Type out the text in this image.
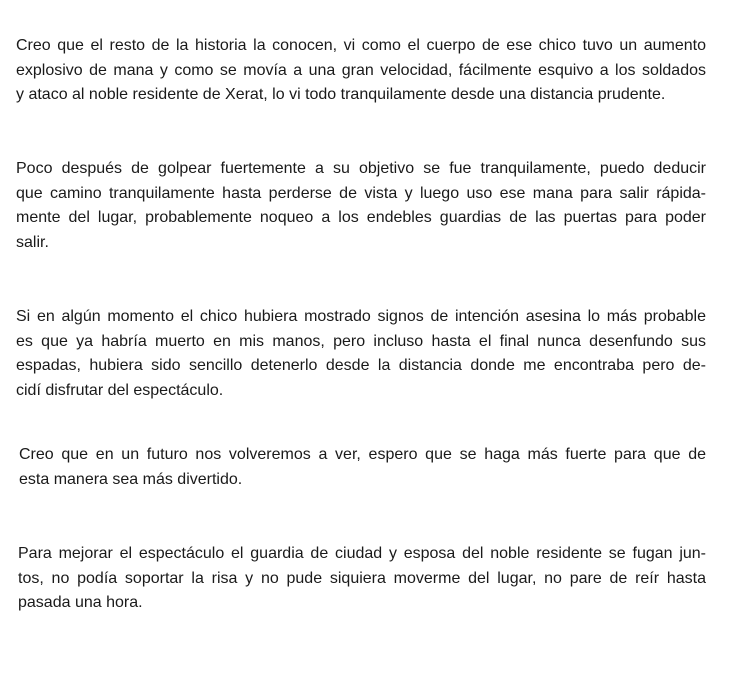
Creo que el resto de la historia la conocen, vi como el cuerpo de ese chico tuvo un aumento
explosivo de mana y como se movía a una gran velocidad, fácilmente esquivo a los soldados
y ataco al noble residente de Xerat, lo vi todo tranquilamente desde una distancia prudente.

Poco después de golpear fuertemente a su objetivo se fue tranquilamente, puedo deducir
que camino tranquilamente hasta perderse de vista y luego uso ese mana para salir rápida-
mente del lugar, probablemente noqueo a los endebles guardias de las puertas para poder
salir.

Si en algún momento el chico hubiera mostrado signos de intención asesina lo más probable
es que ya habría muerto en mis manos, pero incluso hasta el final nunca desenfundo sus
espadas, hubiera sido sencillo detenerlo desde la distancia donde me encontraba pero de-
cidí disfrutar del espectáculo.

Creo que en un futuro nos volveremos a ver, espero que se haga más fuerte para que de
esta manera sea más divertido.

Para mejorar el espectáculo el guardia de ciudad y esposa del noble residente se fugan jun-
tos, no podía soportar la risa y no pude siquiera moverme del lugar, no pare de reír hasta
pasada una hora.
